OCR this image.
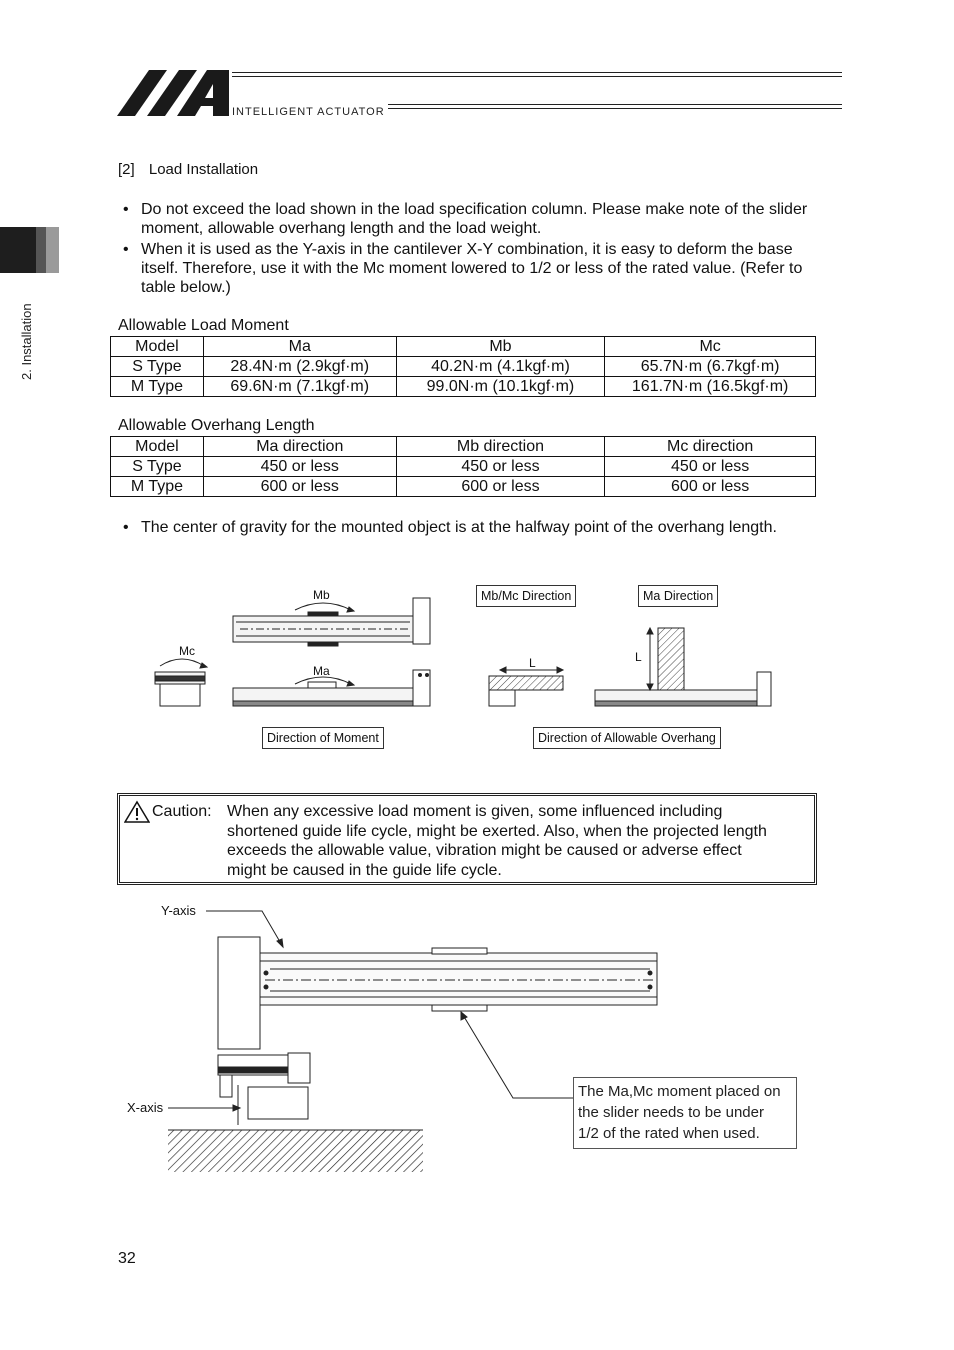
INTELLIGENT ACTUATOR
2. Installation
[2] Load Installation
• Do not exceed the load shown in the load specification column. Please make note of the slider moment, allowable overhang length and the load weight.
• When it is used as the Y-axis in the cantilever X-Y combination, it is easy to deform the base itself. Therefore, use it with the Mc moment lowered to 1/2 or less of the rated value. (Refer to table below.)
Allowable Load Moment
Model	Ma	Mb	Mc
S Type	28.4N·m (2.9kgf·m)	40.2N·m (4.1kgf·m)	65.7N·m (6.7kgf·m)
M Type	69.6N·m (7.1kgf·m)	99.0N·m (10.1kgf·m)	161.7N·m (16.5kgf·m)
Allowable Overhang Length
Model	Ma direction	Mb direction	Mc direction
S Type	450 or less	450 or less	450 or less
M Type	600 or less	600 or less	600 or less
• The center of gravity for the mounted object is at the halfway point of the overhang length.
Mb
Mc
Ma
L	L
Mb/Mc Direction	Ma Direction
Direction of Moment	Direction of Allowable Overhang
Caution: When any excessive load moment is given, some influenced including
shortened guide life cycle, might be exerted. Also, when the projected length
exceeds the allowable value, vibration might be caused or adverse effect
might be caused in the guide life cycle.
Y-axis
X-axis
The Ma,Mc moment placed on
the slider needs to be under
1/2 of the rated when used.
32
